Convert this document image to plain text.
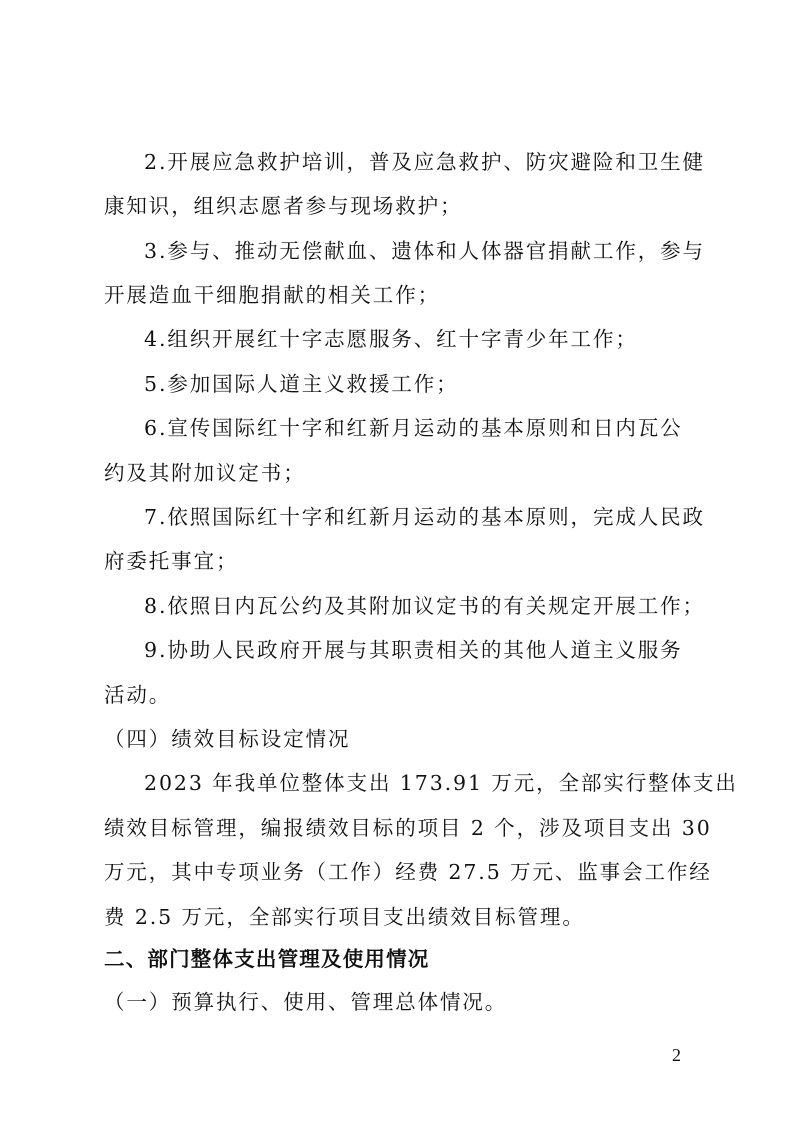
2.开展应急救护培训，普及应急救护、防灾避险和卫生健
康知识，组织志愿者参与现场救护；
3.参与、推动无偿献血、遗体和人体器官捐献工作，参与
开展造血干细胞捐献的相关工作；
4.组织开展红十字志愿服务、红十字青少年工作；
5.参加国际人道主义救援工作；
6.宣传国际红十字和红新月运动的基本原则和日内瓦公
约及其附加议定书；
7.依照国际红十字和红新月运动的基本原则，完成人民政
府委托事宜；
8.依照日内瓦公约及其附加议定书的有关规定开展工作；
9.协助人民政府开展与其职责相关的其他人道主义服务
活动。
（四）绩效目标设定情况
2023 年我单位整体支出 173.91 万元，全部实行整体支出
绩效目标管理，编报绩效目标的项目 2 个，涉及项目支出 30
万元，其中专项业务（工作）经费 27.5 万元、监事会工作经
费 2.5 万元，全部实行项目支出绩效目标管理。
二、部门整体支出管理及使用情况
（一）预算执行、使用、管理总体情况。
2
